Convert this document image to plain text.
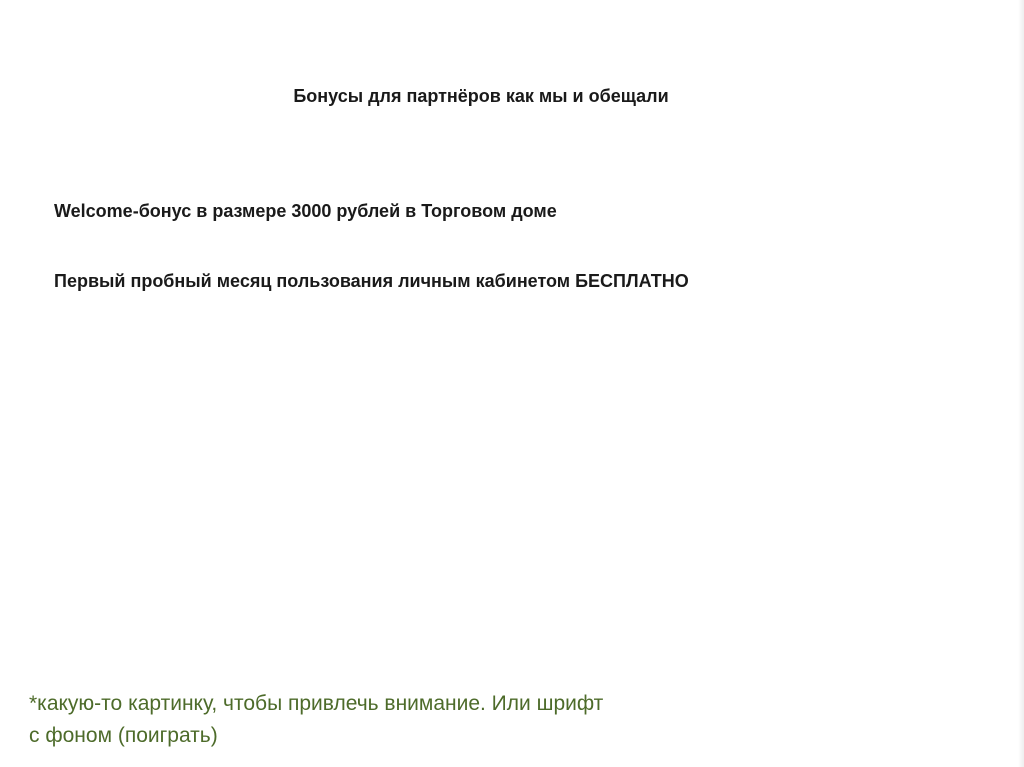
Бонусы для партнёров как мы и обещали
Welcome-бонус в размере 3000 рублей в Торговом доме
Первый пробный месяц пользования личным кабинетом БЕСПЛАТНО
*какую-то картинку, чтобы привлечь внимание. Или шрифт
с фоном (поиграть)
